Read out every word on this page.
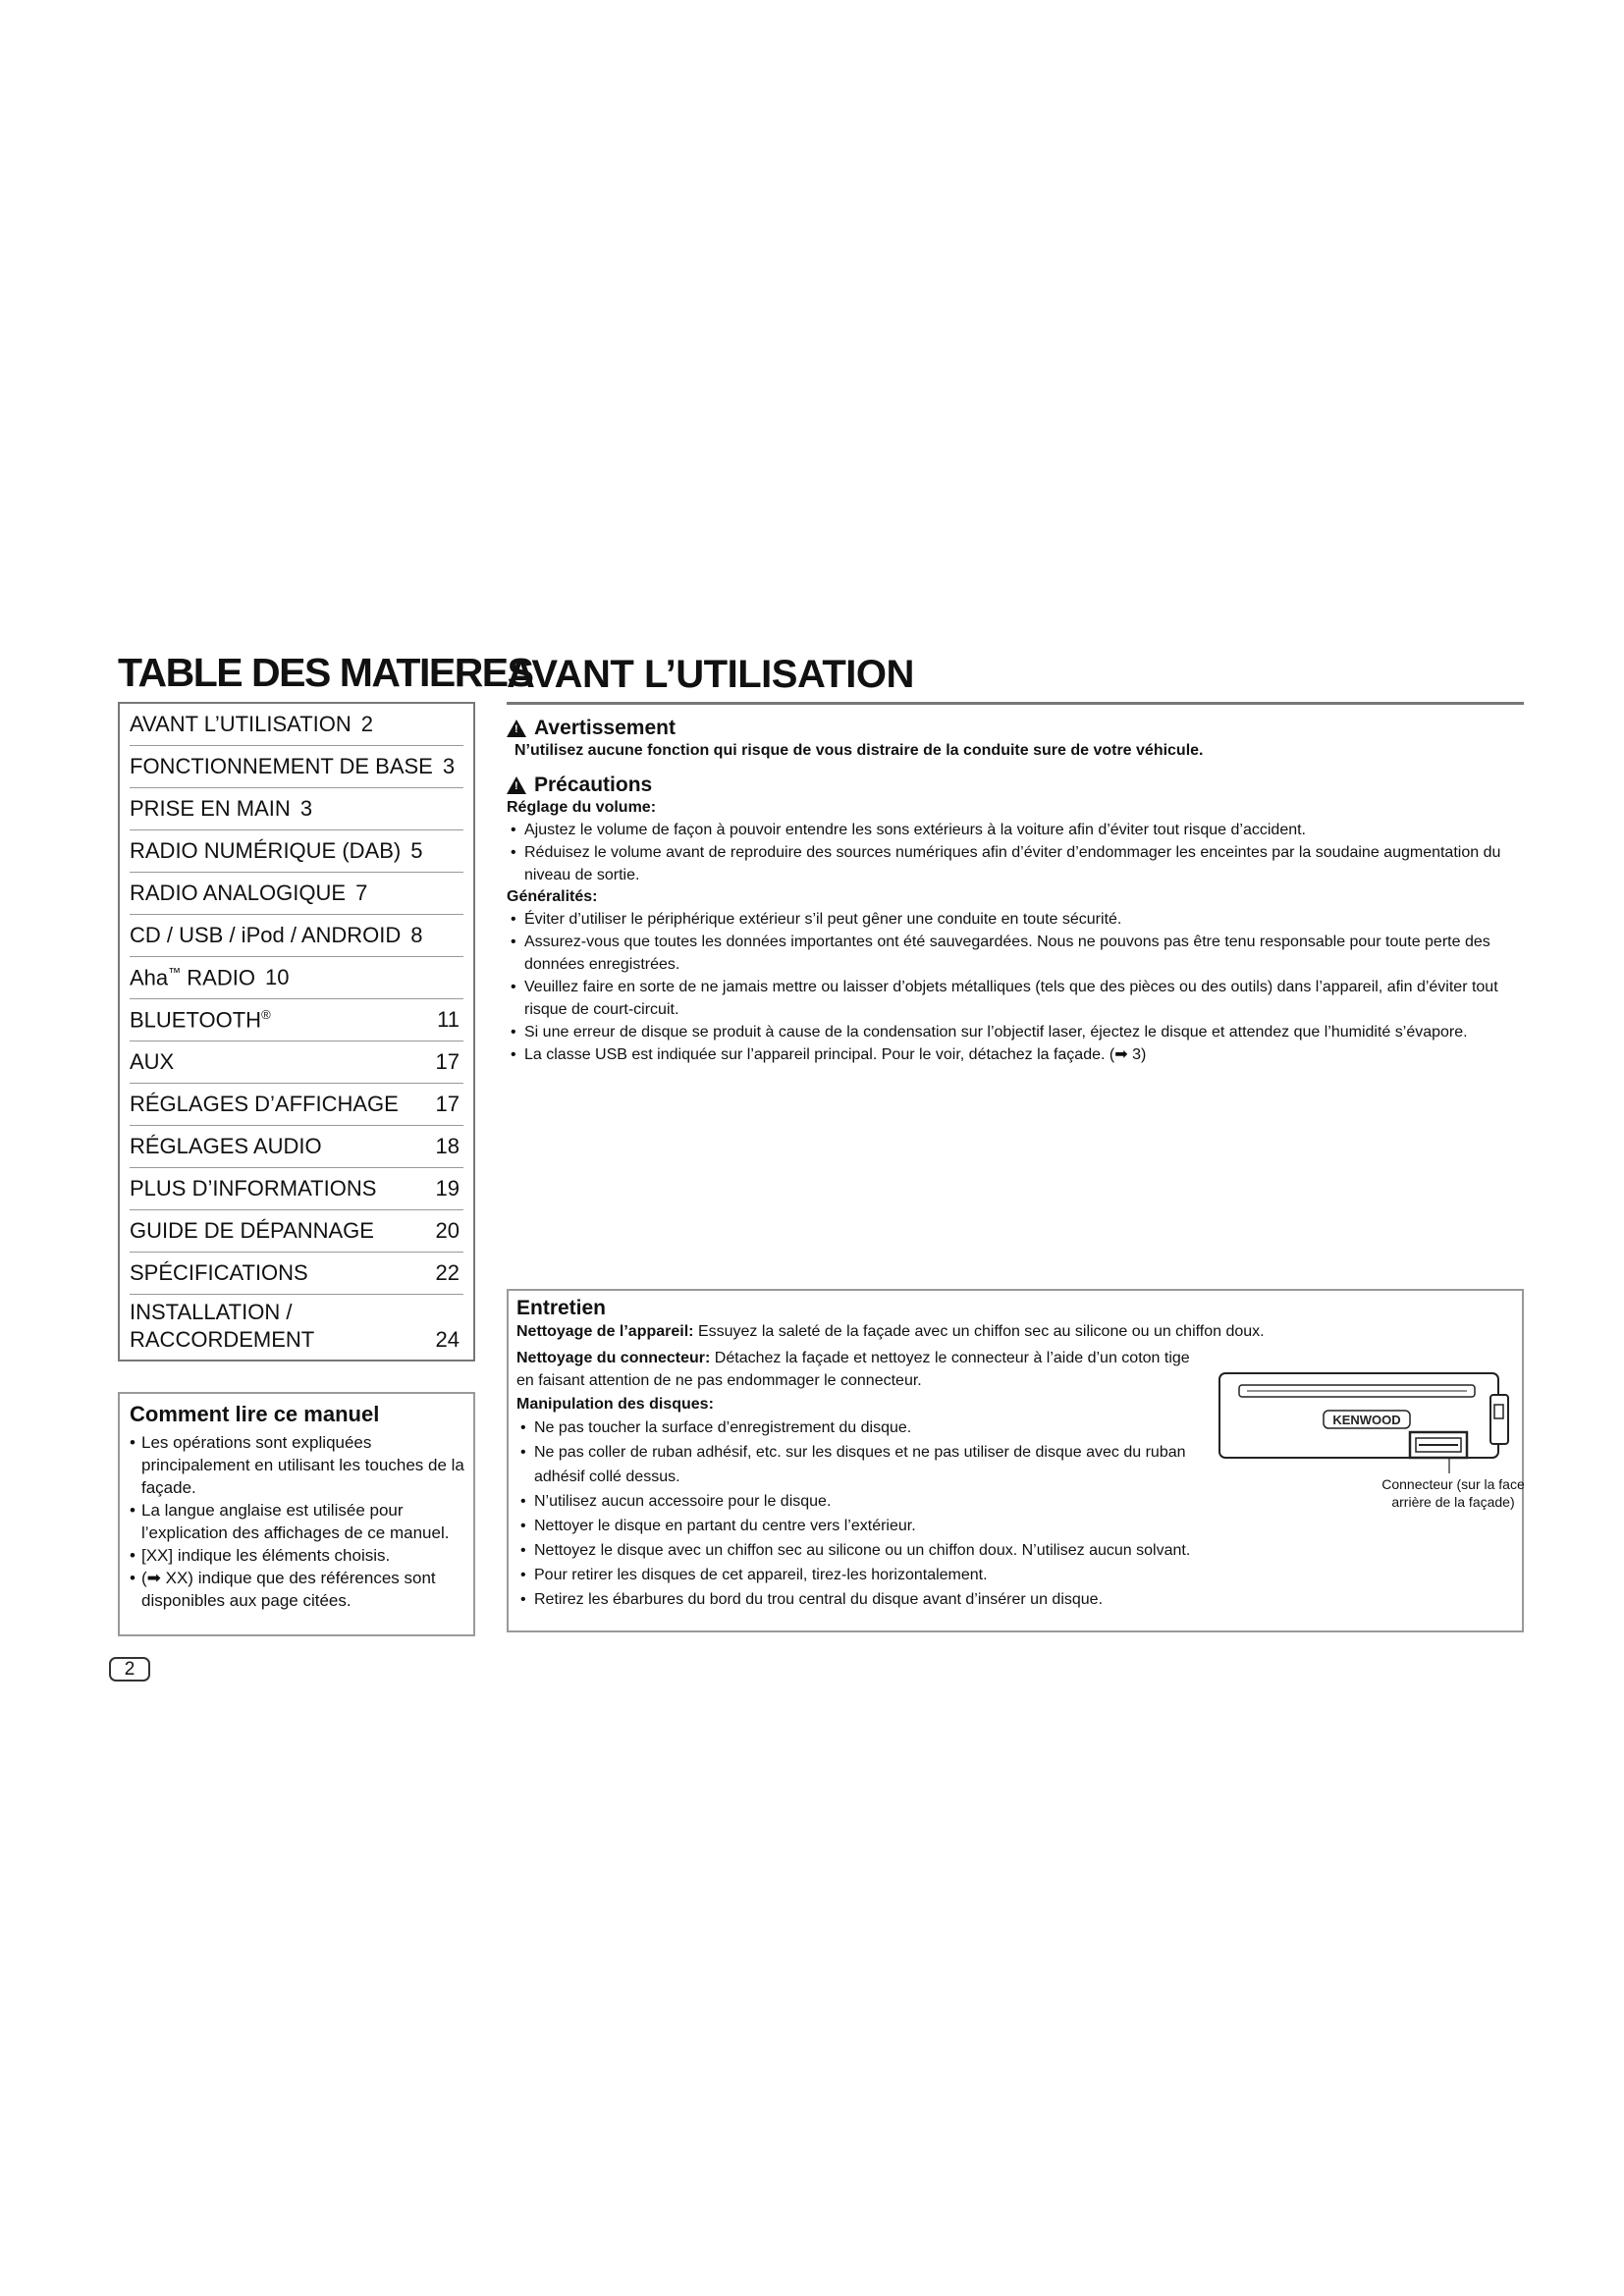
TABLE DES MATIERES
AVANT L’UTILISATION 2
FONCTIONNEMENT DE BASE 3
PRISE EN MAIN 3
RADIO NUMÉRIQUE (DAB) 5
RADIO ANALOGIQUE 7
CD / USB / iPod / ANDROID 8
Aha™ RADIO 10
BLUETOOTH®	11
AUX	17
RÉGLAGES D’AFFICHAGE	17
RÉGLAGES AUDIO	18
PLUS D’INFORMATIONS	19
GUIDE DE DÉPANNAGE	20
SPÉCIFICATIONS	22
INSTALLATION /
RACCORDEMENT	24
Comment lire ce manuel
• Les opérations sont expliquées principalement en utilisant les touches de la façade.
• La langue anglaise est utilisée pour l’explication des affichages de ce manuel.
• [XX] indique les éléments choisis.
• (➡ XX) indique que des références sont disponibles aux page citées.
2
AVANT L’UTILISATION
!
Avertissement
N’utilisez aucune fonction qui risque de vous distraire de la conduite sure de votre véhicule.
!
Précautions
Réglage du volume:
• Ajustez le volume de façon à pouvoir entendre les sons extérieurs à la voiture afin d’éviter tout risque d’accident.
• Réduisez le volume avant de reproduire des sources numériques afin d’éviter d’endommager les enceintes par la soudaine augmentation du niveau de sortie.
Généralités:
• Éviter d’utiliser le périphérique extérieur s’il peut gêner une conduite en toute sécurité.
• Assurez-vous que toutes les données importantes ont été sauvegardées. Nous ne pouvons pas être tenu responsable pour toute perte des données enregistrées.
• Veuillez faire en sorte de ne jamais mettre ou laisser d’objets métalliques (tels que des pièces ou des outils) dans l’appareil, afin d’éviter tout risque de court-circuit.
• Si une erreur de disque se produit à cause de la condensation sur l’objectif laser, éjectez le disque et attendez que l’humidité s’évapore.
• La classe USB est indiquée sur l’appareil principal. Pour le voir, détachez la façade. (➡ 3)
Entretien
Nettoyage de l’appareil: Essuyez la saleté de la façade avec un chiffon sec au silicone ou un chiffon doux.
Nettoyage du connecteur: Détachez la façade et nettoyez le connecteur à l’aide d’un coton tige en faisant attention de ne pas endommager le connecteur.
Manipulation des disques:
• Ne pas toucher la surface d’enregistrement du disque.
• Ne pas coller de ruban adhésif, etc. sur les disques et ne pas utiliser de disque avec du ruban adhésif collé dessus.
• N’utilisez aucun accessoire pour le disque.
• Nettoyer le disque en partant du centre vers l’extérieur.
• Nettoyez le disque avec un chiffon sec au silicone ou un chiffon doux. N’utilisez aucun solvant.
• Pour retirer les disques de cet appareil, tirez-les horizontalement.
• Retirez les ébarbures du bord du trou central du disque avant d’insérer un disque.
KENWOOD
Connecteur (sur la face arrière de la façade)
